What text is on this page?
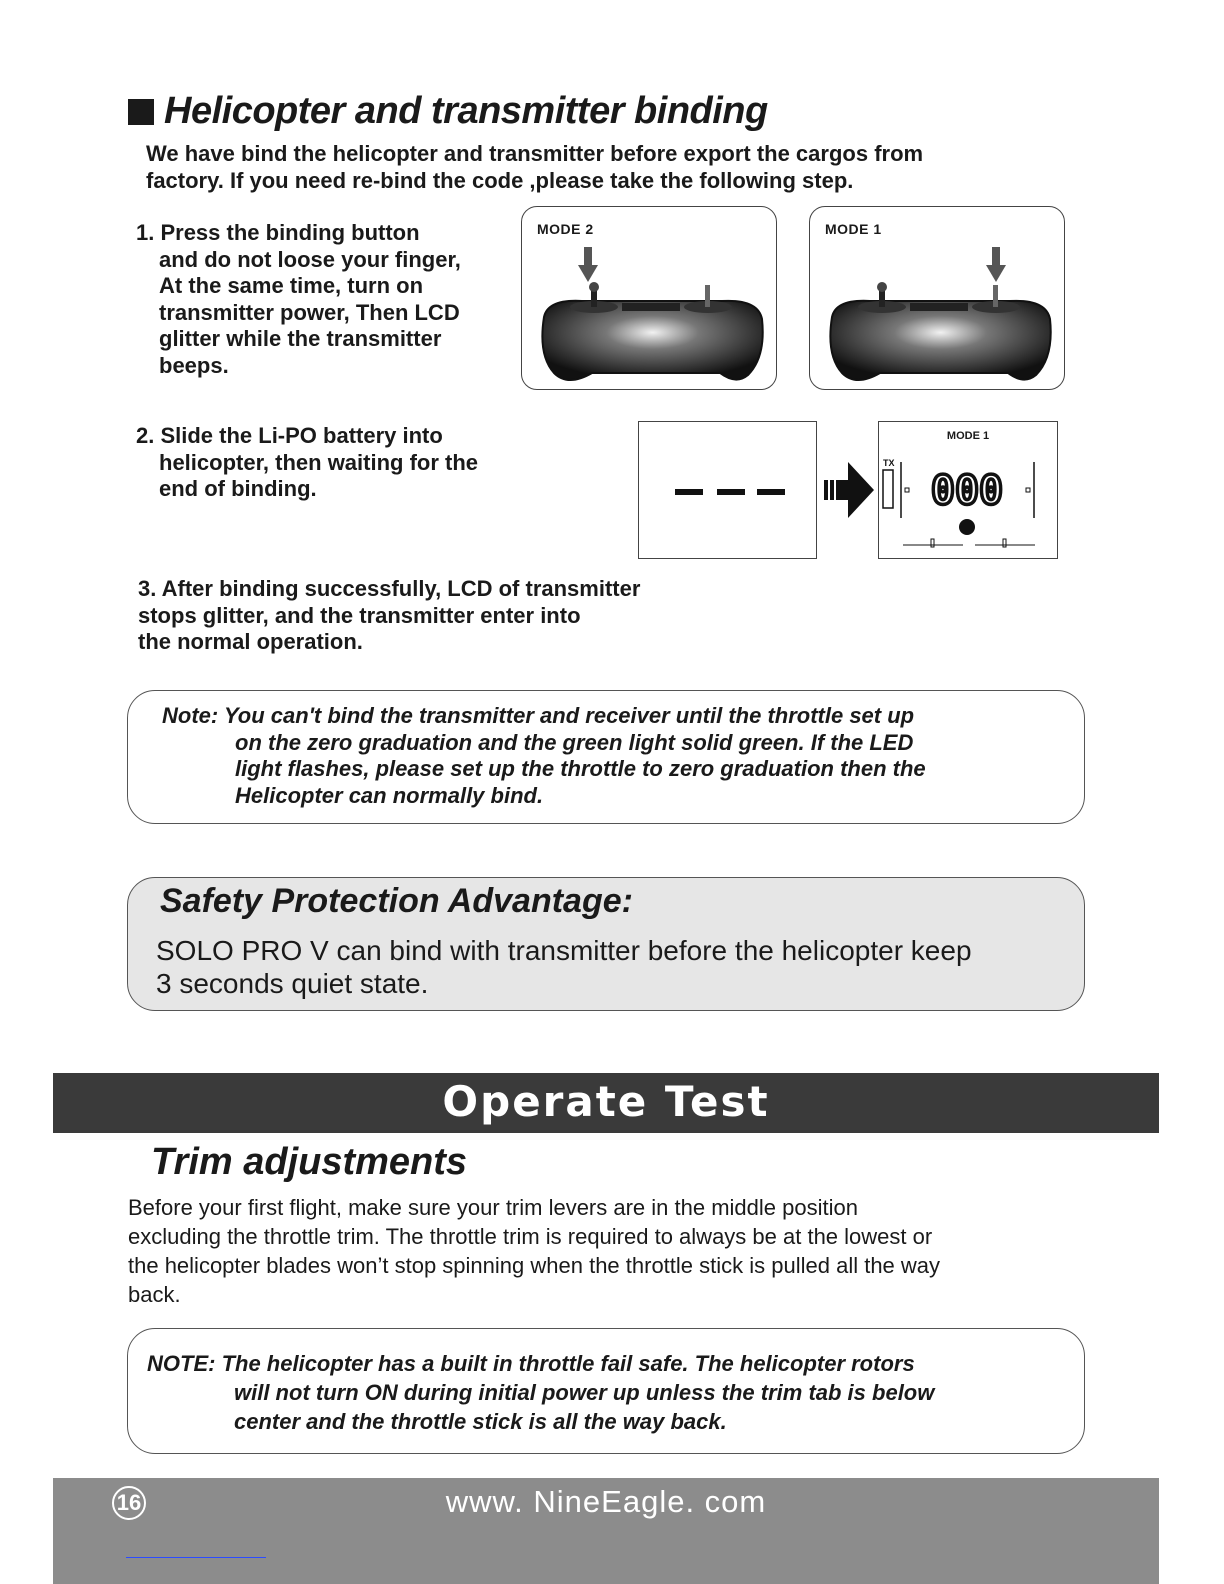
Helicopter and transmitter binding
We have bind the helicopter and transmitter before export the cargos from
factory. If you need re-bind the code ,please take the following step.
1. Press the binding button
and do not loose your finger,
At the same time, turn on
transmitter power, Then LCD
glitter while the transmitter
beeps.
MODE 2	MODE 1
2. Slide the Li-PO battery into
helicopter, then waiting for the
end of binding.
MODE 1
TX
000
3. After binding successfully, LCD of transmitter
stops glitter, and the transmitter enter into
the normal operation.
Note: You can't bind the transmitter and receiver until the throttle set up
on the zero graduation and the green light solid green. If the LED
light flashes, please set up the throttle to zero graduation then the
Helicopter can normally bind.
Safety Protection Advantage:
SOLO PRO V can bind with transmitter before the helicopter keep
3 seconds quiet state.
Operate Test
Trim adjustments
Before your first flight, make sure your trim levers are in the middle position
excluding the throttle trim. The throttle trim is required to always be at the lowest or
the helicopter blades won’t stop spinning when the throttle stick is pulled all the way
back.
NOTE: The helicopter has a built in throttle fail safe. The helicopter rotors
will not turn ON during initial power up unless the trim tab is below
center and the throttle stick is all the way back.
16	www. NineEagle. com
